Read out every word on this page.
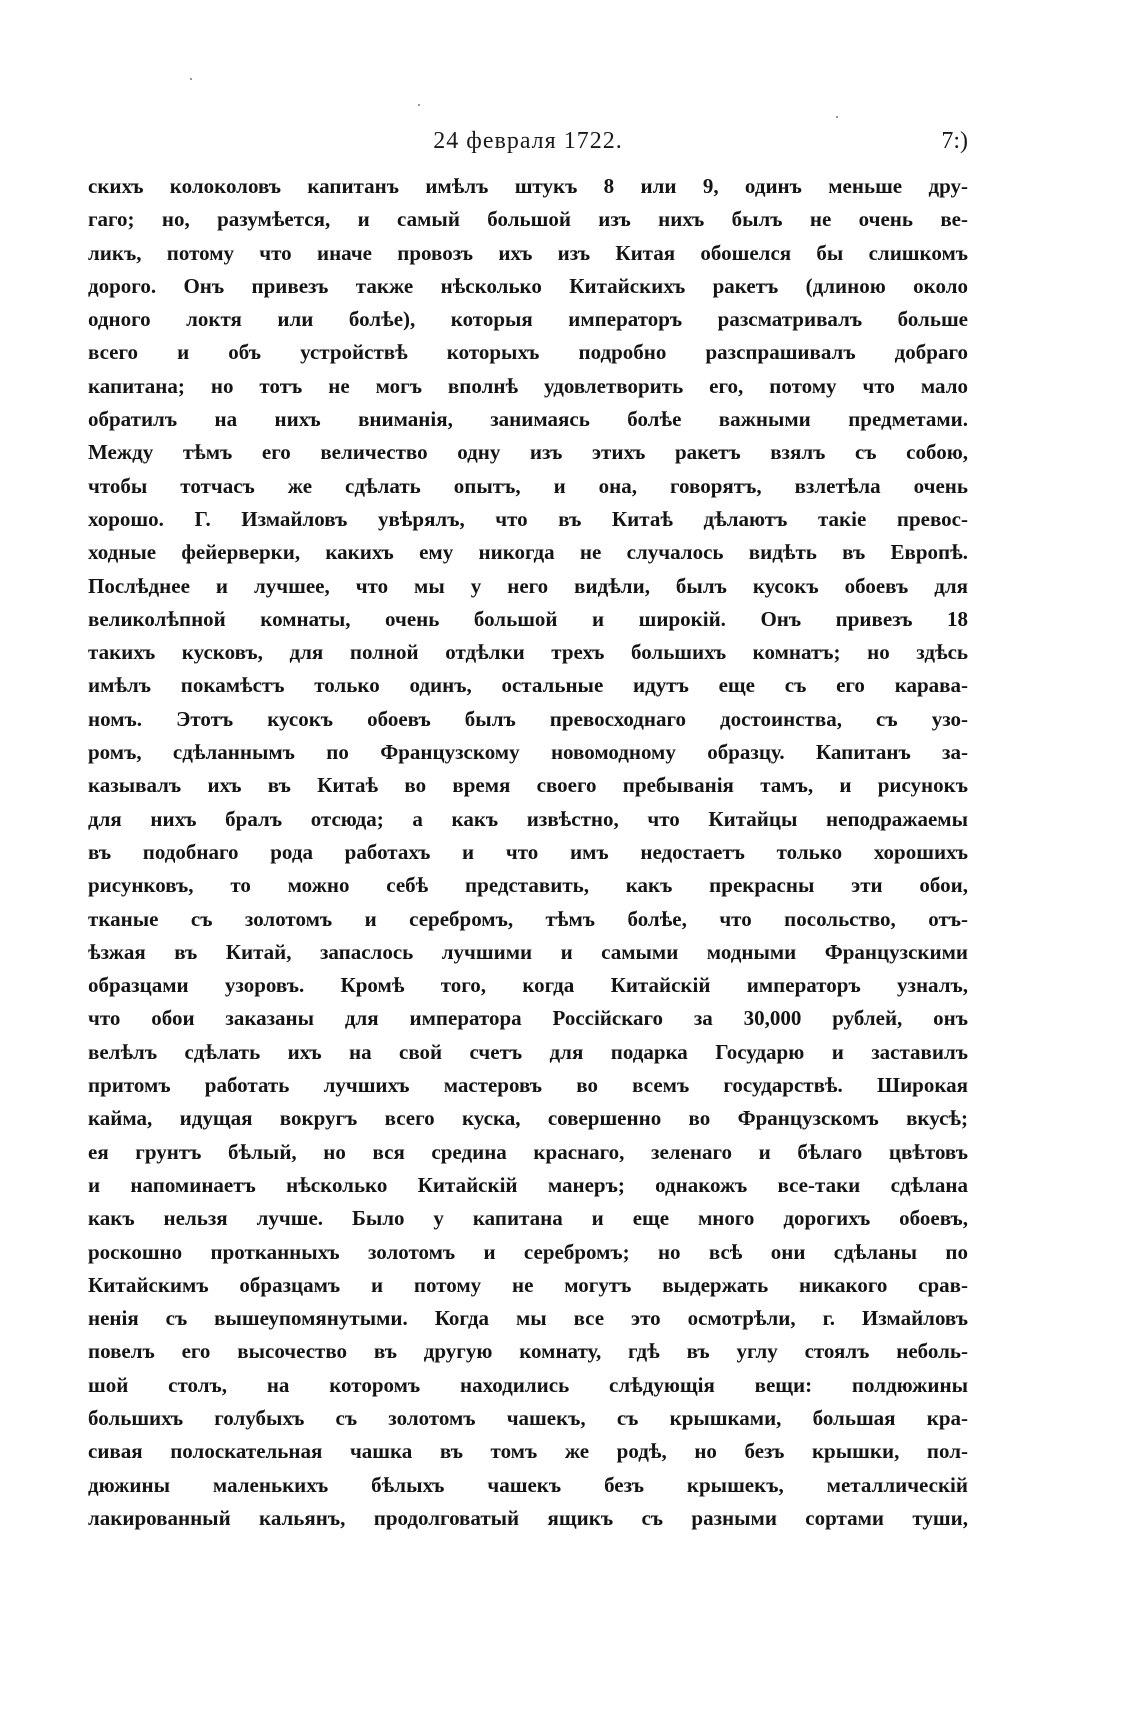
24 февраля 1722.	7:)
скихъ колоколовъ капитанъ имѣлъ штукъ 8 или 9, одинъ меньше дру-
гаго; но, разумѣется, и самый большой изъ нихъ былъ не очень ве-
ликъ, потому что иначе провозъ ихъ изъ Китая обошелся бы слишкомъ
дорого. Онъ привезъ также нѣсколько Китайскихъ ракетъ (длиною около
одного локтя или болѣе), которыя императоръ разсматривалъ больше
всего и объ устройствѣ которыхъ подробно разспрашивалъ добраго
капитана; но тотъ не могъ вполнѣ удовлетворить его, потому что мало
обратилъ на нихъ вниманія, занимаясь болѣе важными предметами.
Между тѣмъ его величество одну изъ этихъ ракетъ взялъ съ собою,
чтобы тотчасъ же сдѣлать опытъ, и она, говорятъ, взлетѣла очень
хорошо. Г. Измайловъ увѣрялъ, что въ Китаѣ дѣлаютъ такіе превос-
ходные фейерверки, какихъ ему никогда не случалось видѣть въ Европѣ.
Послѣднее и лучшее, что мы у него видѣли, былъ кусокъ обоевъ для
великолѣпной комнаты, очень большой и широкій. Онъ привезъ 18
такихъ кусковъ, для полной отдѣлки трехъ большихъ комнатъ; но здѣсь
имѣлъ покамѣстъ только одинъ, остальные идутъ еще съ его карава-
номъ. Этотъ кусокъ обоевъ былъ превосходнаго достоинства, съ узо-
ромъ, сдѣланнымъ по Французскому новомодному образцу. Капитанъ за-
казывалъ ихъ въ Китаѣ во время своего пребыванія тамъ, и рисунокъ
для нихъ бралъ отсюда; а какъ извѣстно, что Китайцы неподражаемы
въ подобнаго рода работахъ и что имъ недостаетъ только хорошихъ
рисунковъ, то можно себѣ представить, какъ прекрасны эти обои,
тканые съ золотомъ и серебромъ, тѣмъ болѣе, что посольство, отъ-
ѣзжая въ Китай, запаслось лучшими и самыми модными Французскими
образцами узоровъ. Кромѣ того, когда Китайскій императоръ узналъ,
что обои заказаны для императора Россійскаго за 30,000 рублей, онъ
велѣлъ сдѣлать ихъ на свой счетъ для подарка Государю и заставилъ
притомъ работать лучшихъ мастеровъ во всемъ государствѣ. Широкая
кайма, идущая вокругъ всего куска, совершенно во Французскомъ вкусѣ;
ея грунтъ бѣлый, но вся средина краснаго, зеленаго и бѣлаго цвѣтовъ
и напоминаетъ нѣсколько Китайскій манеръ; однакожъ все-таки сдѣлана
какъ нельзя лучше. Было у капитана и еще много дорогихъ обоевъ,
роскошно протканныхъ золотомъ и серебромъ; но всѣ они сдѣланы по
Китайскимъ образцамъ и потому не могутъ выдержать никакого срав-
ненія съ вышеупомянутыми. Когда мы все это осмотрѣли, г. Измайловъ
повелъ его высочество въ другую комнату, гдѣ въ углу стоялъ неболь-
шой столъ, на которомъ находились слѣдующія вещи: полдюжины
большихъ голубыхъ съ золотомъ чашекъ, съ крышками, большая кра-
сивая полоскательная чашка въ томъ же родѣ, но безъ крышки, пол-
дюжины маленькихъ бѣлыхъ чашекъ безъ крышекъ, металлическій
лакированный кальянъ, продолговатый ящикъ съ разными сортами туши,
